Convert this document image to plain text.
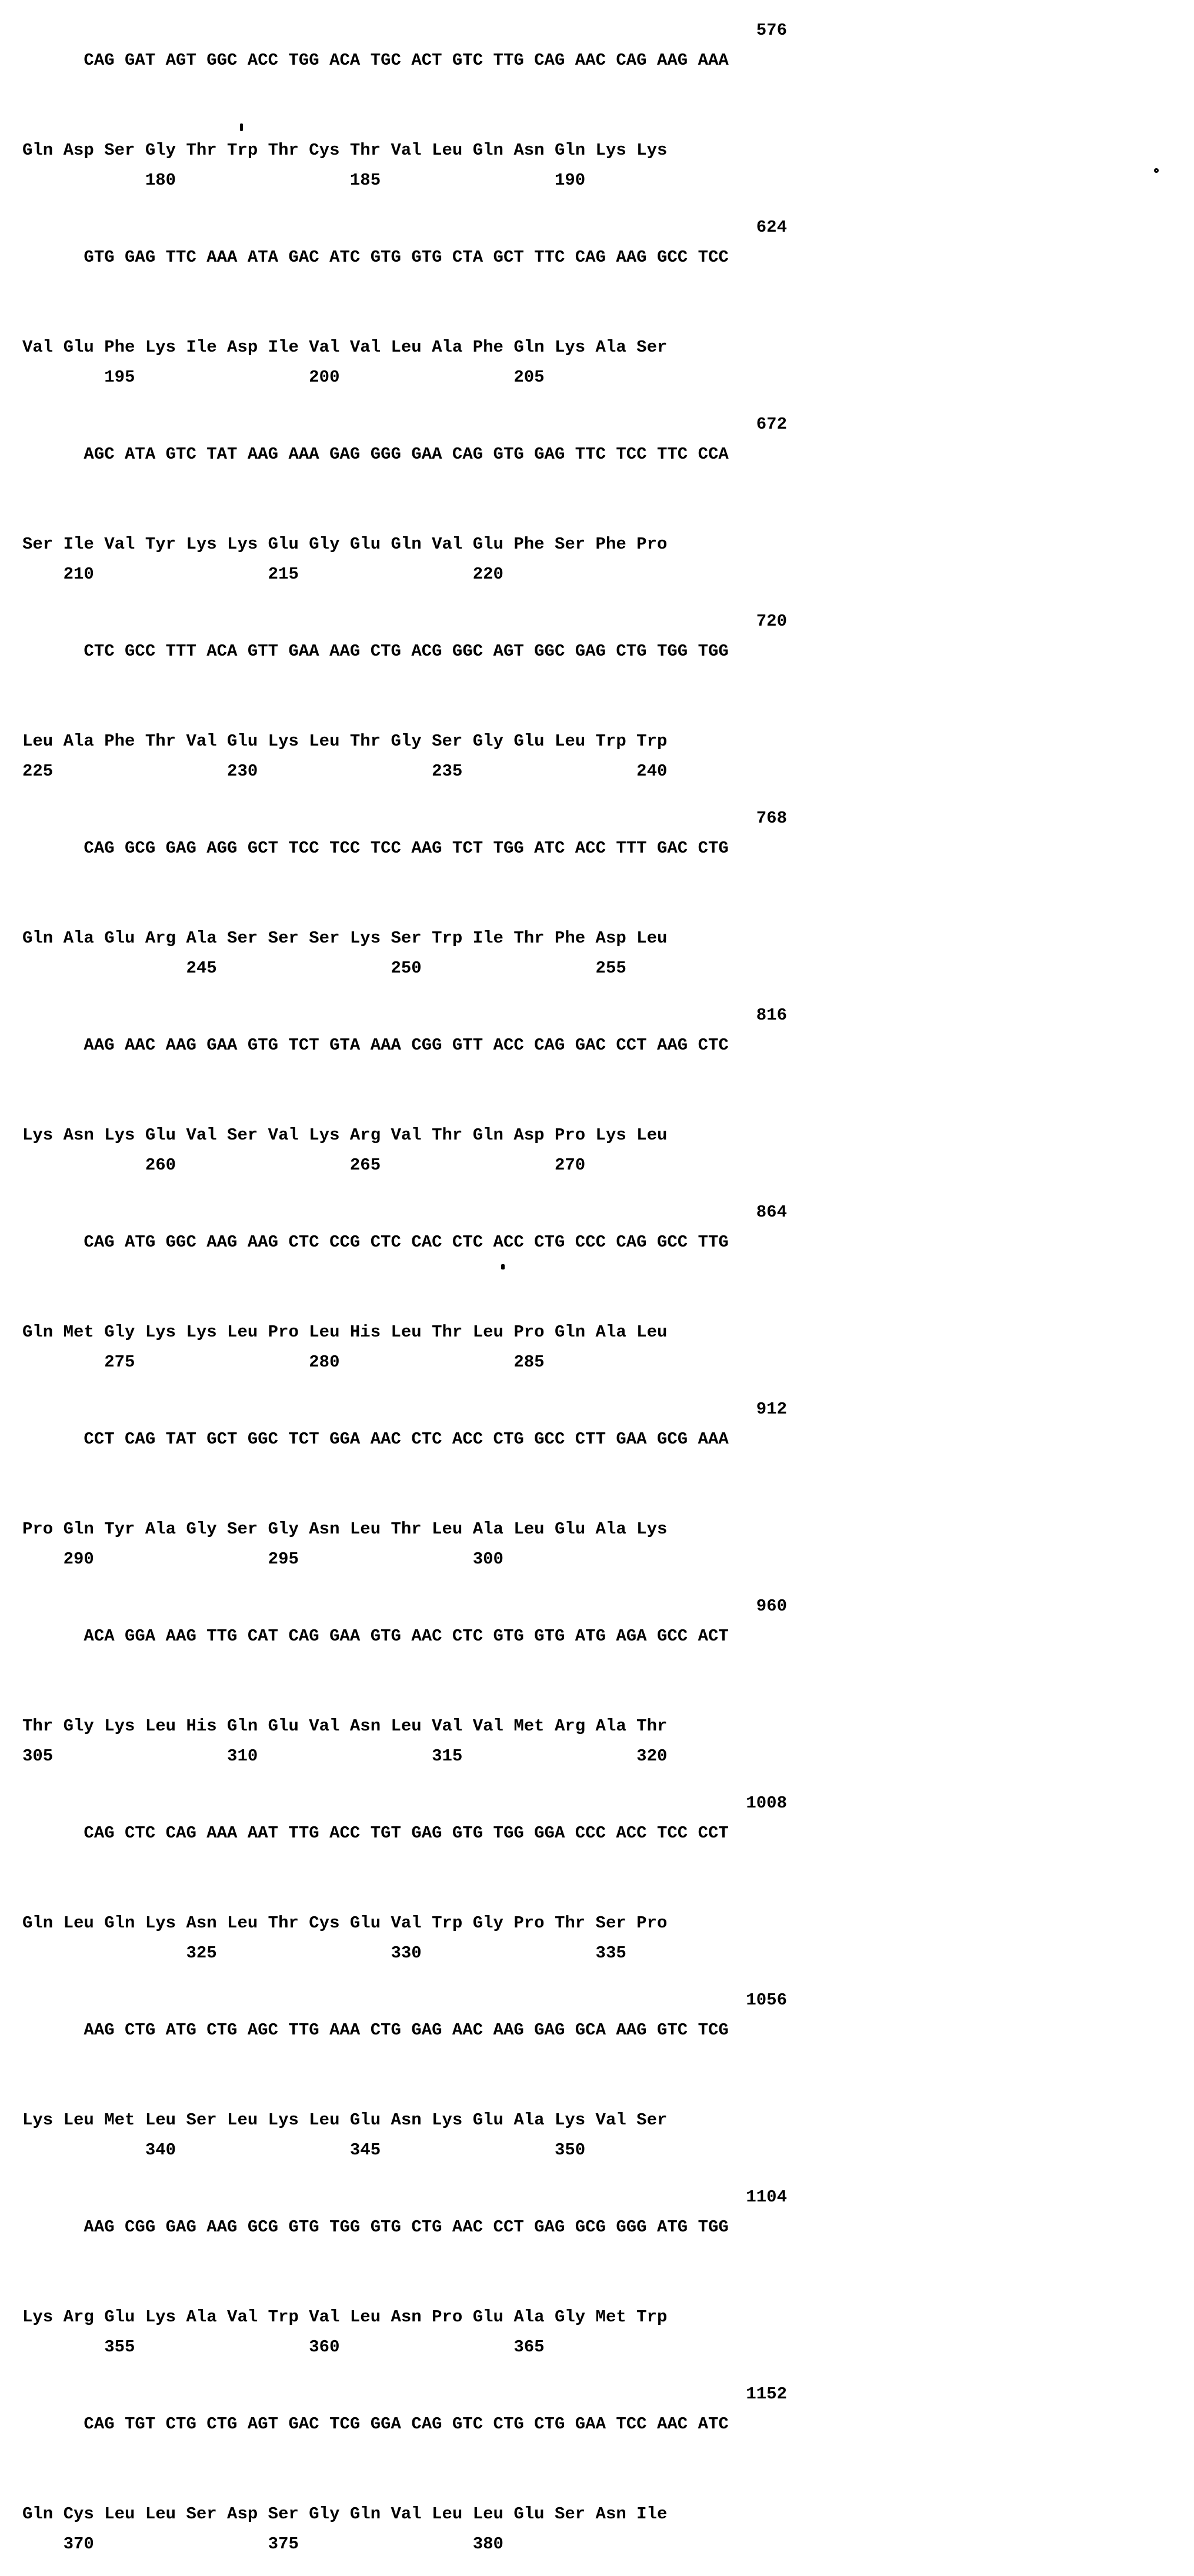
CAG GAT AGT GGC ACC TGG ACA TGC ACT GTC TTG CAG AAC CAG AAG AAA

576

Gln Asp Ser Gly Thr Trp Thr Cys Thr Val Leu Gln Asn Gln Lys Lys
180                 185                 190

GTG GAG TTC AAA ATA GAC ATC GTG GTG CTA GCT TTC CAG AAG GCC TCC

624

Val Glu Phe Lys Ile Asp Ile Val Val Leu Ala Phe Gln Lys Ala Ser
195                 200                 205

AGC ATA GTC TAT AAG AAA GAG GGG GAA CAG GTG GAG TTC TCC TTC CCA

672

Ser Ile Val Tyr Lys Lys Glu Gly Glu Gln Val Glu Phe Ser Phe Pro
210                 215                 220

CTC GCC TTT ACA GTT GAA AAG CTG ACG GGC AGT GGC GAG CTG TGG TGG

720

Leu Ala Phe Thr Val Glu Lys Leu Thr Gly Ser Gly Glu Leu Trp Trp
225                 230                 235                 240

CAG GCG GAG AGG GCT TCC TCC TCC AAG TCT TGG ATC ACC TTT GAC CTG

768

Gln Ala Glu Arg Ala Ser Ser Ser Lys Ser Trp Ile Thr Phe Asp Leu
245                 250                 255

AAG AAC AAG GAA GTG TCT GTA AAA CGG GTT ACC CAG GAC CCT AAG CTC

816

Lys Asn Lys Glu Val Ser Val Lys Arg Val Thr Gln Asp Pro Lys Leu
260                 265                 270

CAG ATG GGC AAG AAG CTC CCG CTC CAC CTC ACC CTG CCC CAG GCC TTG

864

Gln Met Gly Lys Lys Leu Pro Leu His Leu Thr Leu Pro Gln Ala Leu
275                 280                 285

CCT CAG TAT GCT GGC TCT GGA AAC CTC ACC CTG GCC CTT GAA GCG AAA

912

Pro Gln Tyr Ala Gly Ser Gly Asn Leu Thr Leu Ala Leu Glu Ala Lys
290                 295                 300

ACA GGA AAG TTG CAT CAG GAA GTG AAC CTC GTG GTG ATG AGA GCC ACT

960

Thr Gly Lys Leu His Gln Glu Val Asn Leu Val Val Met Arg Ala Thr
305                 310                 315                 320

CAG CTC CAG AAA AAT TTG ACC TGT GAG GTG TGG GGA CCC ACC TCC CCT

1008

Gln Leu Gln Lys Asn Leu Thr Cys Glu Val Trp Gly Pro Thr Ser Pro
325                 330                 335

AAG CTG ATG CTG AGC TTG AAA CTG GAG AAC AAG GAG GCA AAG GTC TCG

1056

Lys Leu Met Leu Ser Leu Lys Leu Glu Asn Lys Glu Ala Lys Val Ser
340                 345                 350

AAG CGG GAG AAG GCG GTG TGG GTG CTG AAC CCT GAG GCG GGG ATG TGG

1104

Lys Arg Glu Lys Ala Val Trp Val Leu Asn Pro Glu Ala Gly Met Trp
355                 360                 365

CAG TGT CTG CTG AGT GAC TCG GGA CAG GTC CTG CTG GAA TCC AAC ATC

1152

Gln Cys Leu Leu Ser Asp Ser Gly Gln Val Leu Leu Glu Ser Asn Ile
370                 375                 380
